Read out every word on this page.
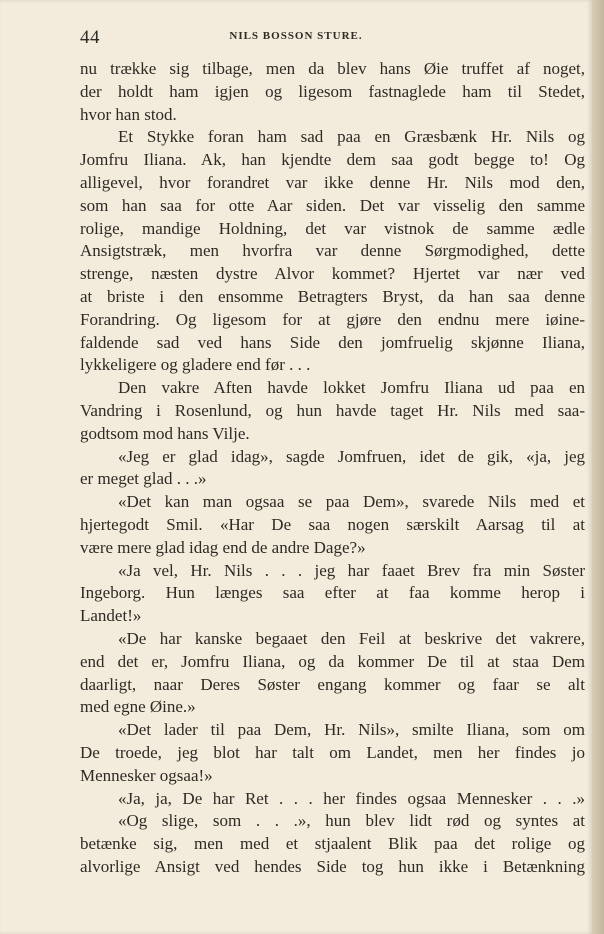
44	NILS BOSSON STURE.

nu trække sig tilbage, men da blev hans Øie truffet af noget,

der holdt ham igjen og ligesom fastnaglede ham til Stedet,

hvor han stod.

Et Stykke foran ham sad paa en Græsbænk Hr. Nils og

Jomfru Iliana. Ak, han kjendte dem saa godt begge to! Og

alligevel, hvor forandret var ikke denne Hr. Nils mod den,

som han saa for otte Aar siden. Det var visselig den samme

rolige, mandige Holdning, det var vistnok de samme ædle

Ansigtstræk, men hvorfra var denne Sørgmodighed, dette

strenge, næsten dystre Alvor kommet? Hjertet var nær ved

at briste i den ensomme Betragters Bryst, da han saa denne

Forandring. Og ligesom for at gjøre den endnu mere iøine-

faldende sad ved hans Side den jomfruelig skjønne Iliana,

lykkeligere og gladere end før . . .

Den vakre Aften havde lokket Jomfru Iliana ud paa en

Vandring i Rosenlund, og hun havde taget Hr. Nils med saa-

godtsom mod hans Vilje.

«Jeg er glad idag», sagde Jomfruen, idet de gik, «ja, jeg

er meget glad . . .»

«Det kan man ogsaa se paa Dem», svarede Nils med et

hjertegodt Smil. «Har De saa nogen særskilt Aarsag til at

være mere glad idag end de andre Dage?»

«Ja vel, Hr. Nils . . . jeg har faaet Brev fra min Søster

Ingeborg. Hun længes saa efter at faa komme herop i

Landet!»

«De har kanske begaaet den Feil at beskrive det vakrere,

end det er, Jomfru Iliana, og da kommer De til at staa Dem

daarligt, naar Deres Søster engang kommer og faar se alt

med egne Øine.»

«Det lader til paa Dem, Hr. Nils», smilte Iliana, som om

De troede, jeg blot har talt om Landet, men her findes jo

Mennesker ogsaa!»

«Ja, ja, De har Ret . . . her findes ogsaa Mennesker . . .»

«Og slige, som . . .», hun blev lidt rød og syntes at

betænke sig, men med et stjaalent Blik paa det rolige og

alvorlige Ansigt ved hendes Side tog hun ikke i Betænkning
